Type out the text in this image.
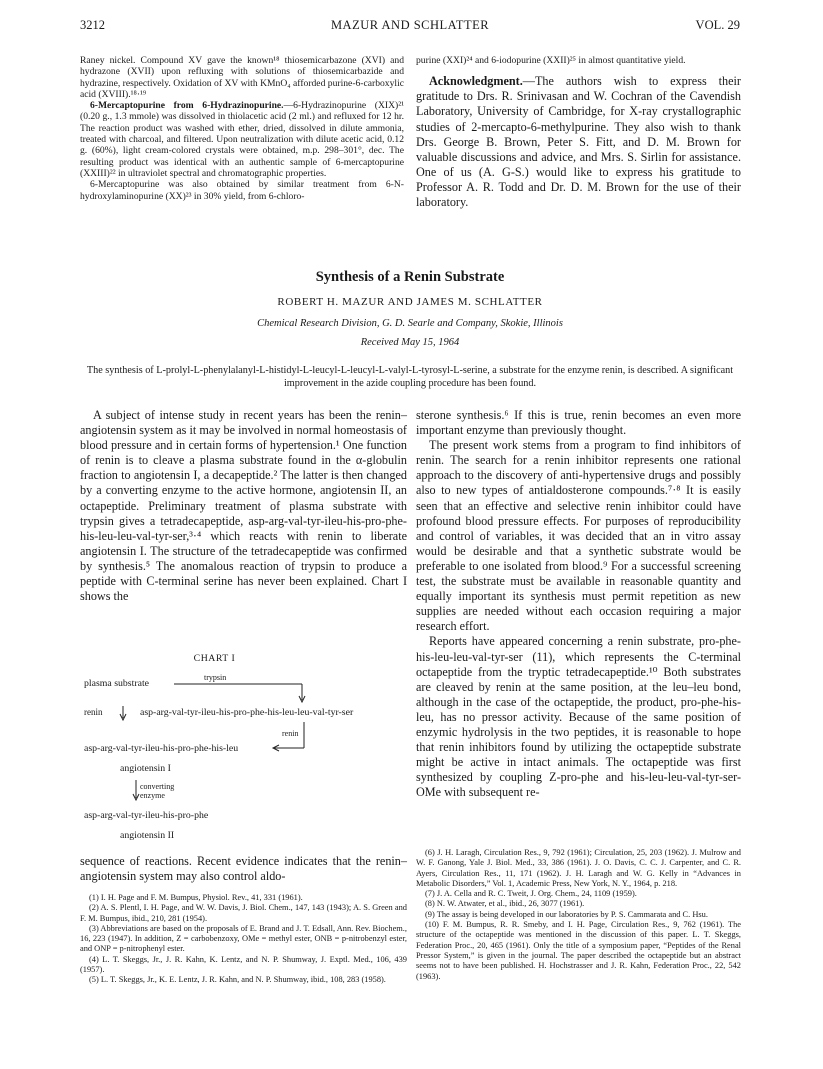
3212	MAZUR AND SCHLATTER	VOL. 29

Raney nickel. Compound XV gave the known¹⁸ thiosemicarbazone (XVI) and hydrazone (XVII) upon refluxing with solutions of thiosemicarbazide and hydrazine, respectively. Oxidation of XV with KMnO₄ afforded purine-6-carboxylic acid (XVIII).¹⁸·¹⁹

6-Mercaptopurine from 6-Hydrazinopurine.—6-Hydrazinopurine (XIX)²¹ (0.20 g., 1.3 mmole) was dissolved in thiolacetic acid (2 ml.) and refluxed for 12 hr. The reaction product was washed with ether, dried, dissolved in dilute ammonia, treated with charcoal, and filtered. Upon neutralization with dilute acetic acid, 0.12 g. (60%), light cream-colored crystals were obtained, m.p. 298–301°, dec. The resulting product was identical with an authentic sample of 6-mercaptopurine (XXIII)²² in ultraviolet spectral and chromatographic properties.

6-Mercaptopurine was also obtained by similar treatment from 6-N-hydroxylaminopurine (XX)²³ in 30% yield, from 6-chloro-

purine (XXI)²⁴ and 6-iodopurine (XXII)²⁵ in almost quantitative yield.

Acknowledgment.—The authors wish to express their gratitude to Drs. R. Srinivasan and W. Cochran of the Cavendish Laboratory, University of Cambridge, for X-ray crystallographic studies of 2-mercapto-6-methylpurine. They also wish to thank Drs. George B. Brown, Peter S. Fitt, and D. M. Brown for valuable discussions and advice, and Mrs. S. Sirlin for assistance. One of us (A. G-S.) would like to express his gratitude to Professor A. R. Todd and Dr. D. M. Brown for the use of their laboratory.

Synthesis of a Renin Substrate
ROBERT H. MAZUR AND JAMES M. SCHLATTER
Chemical Research Division, G. D. Searle and Company, Skokie, Illinois
Received May 15, 1964
The synthesis of L-prolyl-L-phenylalanyl-L-histidyl-L-leucyl-L-leucyl-L-valyl-L-tyrosyl-L-serine, a substrate for the enzyme renin, is described. A significant improvement in the azide coupling procedure has been found.

A subject of intense study in recent years has been the renin–angiotensin system as it may be involved in normal homeostasis of blood pressure and in certain forms of hypertension.¹ One function of renin is to cleave a plasma substrate found in the α-globulin fraction to angiotensin I, a decapeptide.² The latter is then changed by a converting enzyme to the active hormone, angiotensin II, an octapeptide. Preliminary treatment of plasma substrate with trypsin gives a tetradecapeptide, asp-arg-val-tyr-ileu-his-pro-phe-his-leu-leu-val-tyr-ser,³·⁴ which reacts with renin to liberate angiotensin I. The structure of the tetradecapeptide was confirmed by synthesis.⁵ The anomalous reaction of trypsin to produce a peptide with C-terminal serine has never been explained. Chart I shows the

CHART I
plasma substrate
trypsin
renin	asp-arg-val-tyr-ileu-his-pro-phe-his-leu-leu-val-tyr-ser
renin
asp-arg-val-tyr-ileu-his-pro-phe-his-leu
angiotensin I
converting
enzyme
asp-arg-val-tyr-ileu-his-pro-phe
angiotensin II

sequence of reactions. Recent evidence indicates that the renin–angiotensin system may also control aldo-

(1) I. H. Page and F. M. Bumpus, Physiol. Rev., 41, 331 (1961).

(2) A. S. Plentl, I. H. Page, and W. W. Davis, J. Biol. Chem., 147, 143 (1943); A. S. Green and F. M. Bumpus, ibid., 210, 281 (1954).

(3) Abbreviations are based on the proposals of E. Brand and J. T. Edsall, Ann. Rev. Biochem., 16, 223 (1947). In addition, Z = carbobenzoxy, OMe = methyl ester, ONB = p-nitrobenzyl ester, and ONP = p-nitrophenyl ester.

(4) L. T. Skeggs, Jr., J. R. Kahn, K. Lentz, and N. P. Shumway, J. Exptl. Med., 106, 439 (1957).

(5) L. T. Skeggs, Jr., K. E. Lentz, J. R. Kahn, and N. P. Shumway, ibid., 108, 283 (1958).

sterone synthesis.⁶ If this is true, renin becomes an even more important enzyme than previously thought.

The present work stems from a program to find inhibitors of renin. The search for a renin inhibitor represents one rational approach to the discovery of anti-hypertensive drugs and possibly also to new types of antialdosterone compounds.⁷·⁸ It is easily seen that an effective and selective renin inhibitor could have profound blood pressure effects. For purposes of reproducibility and control of variables, it was decided that an in vitro assay would be desirable and that a synthetic substrate would be preferable to one isolated from blood.⁹ For a successful screening test, the substrate must be available in reasonable quantity and equally important its synthesis must permit repetition as new supplies are needed without each occasion requiring a major research effort.

Reports have appeared concerning a renin substrate, pro-phe-his-leu-leu-val-tyr-ser (11), which represents the C-terminal octapeptide from the tryptic tetradecapeptide.¹⁰ Both substrates are cleaved by renin at the same position, at the leu–leu bond, although in the case of the octapeptide, the product, pro-phe-his-leu, has no pressor activity. Because of the same position of enzymic hydrolysis in the two peptides, it is reasonable to hope that renin inhibitors found by utilizing the octapeptide substrate might be active in intact animals. The octapeptide was first synthesized by coupling Z-pro-phe and his-leu-leu-val-tyr-ser-OMe with subsequent re-

(6) J. H. Laragh, Circulation Res., 9, 792 (1961); Circulation, 25, 203 (1962). J. Mulrow and W. F. Ganong, Yale J. Biol. Med., 33, 386 (1961). J. O. Davis, C. C. J. Carpenter, and C. R. Ayers, Circulation Res., 11, 171 (1962). J. H. Laragh and W. G. Kelly in “Advances in Metabolic Disorders,” Vol. 1, Academic Press, New York, N. Y., 1964, p. 218.

(7) J. A. Cella and R. C. Tweit, J. Org. Chem., 24, 1109 (1959).

(8) N. W. Atwater, et al., ibid., 26, 3077 (1961).

(9) The assay is being developed in our laboratories by P. S. Cammarata and C. Hsu.

(10) F. M. Bumpus, R. R. Smeby, and I. H. Page, Circulation Res., 9, 762 (1961). The structure of the octapeptide was mentioned in the discussion of this paper. L. T. Skeggs, Federation Proc., 20, 465 (1961). Only the title of a symposium paper, “Peptides of the Renal Pressor System,” is given in the journal. The paper described the octapeptide but an abstract seems not to have been published. H. Hochstrasser and J. R. Kahn, Federation Proc., 22, 542 (1963).
